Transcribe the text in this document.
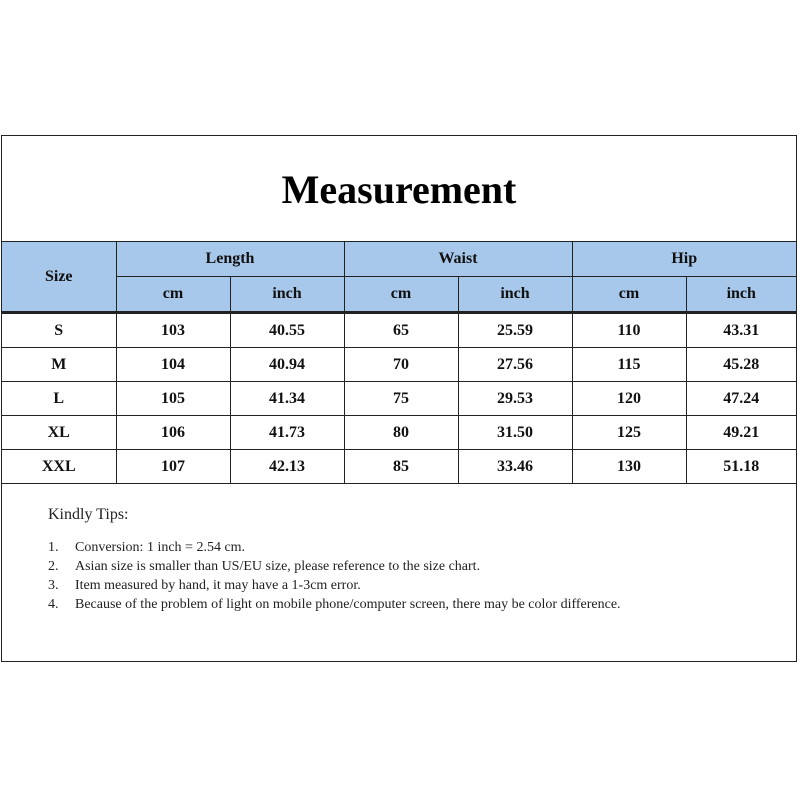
Measurement
Size	Length		Waist		Hip	
	cm	inch	cm	inch	cm	inch
S	103	40.55	65	25.59	110	43.31
M	104	40.94	70	27.56	115	45.28
L	105	41.34	75	29.53	120	47.24
XL	106	41.73	80	31.50	125	49.21
XXL	107	42.13	85	33.46	130	51.18
Kindly Tips:
1.	Conversion: 1 inch = 2.54 cm.
2.	Asian size is smaller than US/EU size, please reference to the size chart.
3.	Item measured by hand, it may have a 1-3cm error.
4.	Because of the problem of light on mobile phone/computer screen, there may be color difference.
